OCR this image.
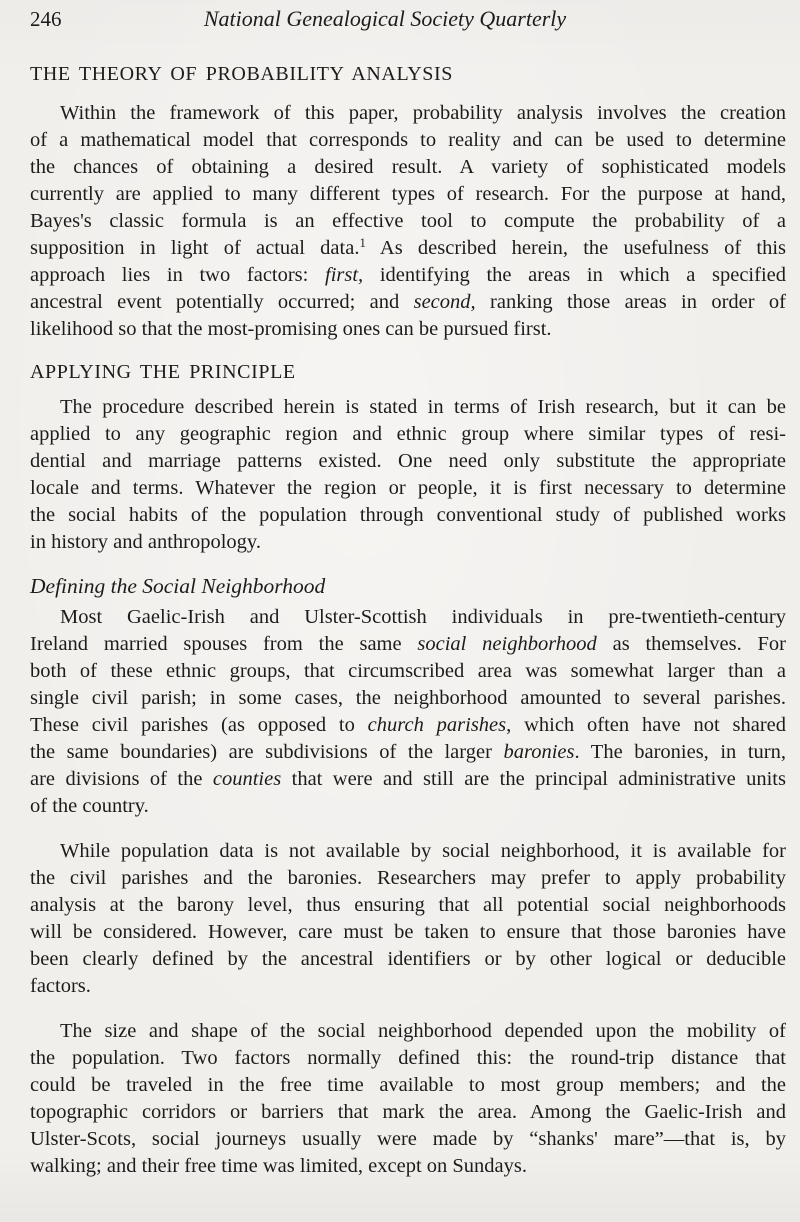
246	National Genealogical Society Quarterly
THE THEORY OF PROBABILITY ANALYSIS
Within the framework of this paper, probability analysis involves the creation
of a mathematical model that corresponds to reality and can be used to determine
the chances of obtaining a desired result. A variety of sophisticated models
currently are applied to many different types of research. For the purpose at hand,
Bayes's classic formula is an effective tool to compute the probability of a
supposition in light of actual data.$^1$ As described herein, the usefulness of this
approach lies in two factors: first, identifying the areas in which a specified
ancestral event potentially occurred; and second, ranking those areas in order of
likelihood so that the most-promising ones can be pursued first.
APPLYING THE PRINCIPLE
The procedure described herein is stated in terms of Irish research, but it can be
applied to any geographic region and ethnic group where similar types of resi-
dential and marriage patterns existed. One need only substitute the appropriate
locale and terms. Whatever the region or people, it is first necessary to determine
the social habits of the population through conventional study of published works
in history and anthropology.
Defining the Social Neighborhood
Most Gaelic-Irish and Ulster-Scottish individuals in pre-twentieth-century
Ireland married spouses from the same social neighborhood as themselves. For
both of these ethnic groups, that circumscribed area was somewhat larger than a
single civil parish; in some cases, the neighborhood amounted to several parishes.
These civil parishes (as opposed to church parishes, which often have not shared
the same boundaries) are subdivisions of the larger baronies. The baronies, in turn,
are divisions of the counties that were and still are the principal administrative units
of the country.
While population data is not available by social neighborhood, it is available for
the civil parishes and the baronies. Researchers may prefer to apply probability
analysis at the barony level, thus ensuring that all potential social neighborhoods
will be considered. However, care must be taken to ensure that those baronies have
been clearly defined by the ancestral identifiers or by other logical or deducible
factors.
The size and shape of the social neighborhood depended upon the mobility of
the population. Two factors normally defined this: the round-trip distance that
could be traveled in the free time available to most group members; and the
topographic corridors or barriers that mark the area. Among the Gaelic-Irish and
Ulster-Scots, social journeys usually were made by “shanks' mare”—that is, by
walking; and their free time was limited, except on Sundays.
